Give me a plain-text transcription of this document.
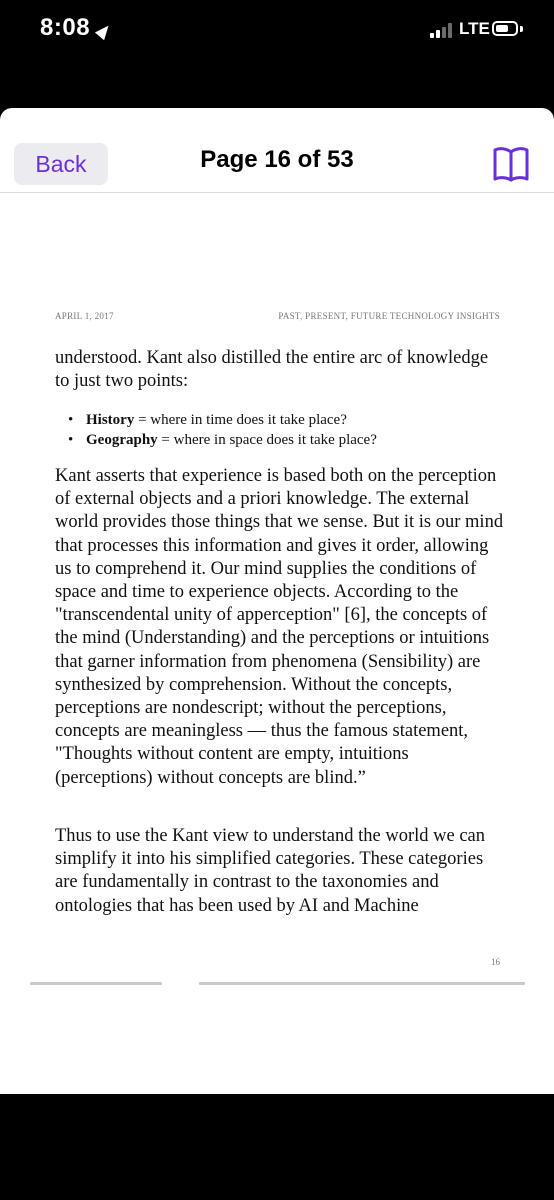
8:08	LTE
Back	Page 16 of 53
APRIL 1, 2017	PAST, PRESENT, FUTURE TECHNOLOGY INSIGHTS

understood. Kant also distilled the entire arc of knowledge to just two points:

• History = where in time does it take place?
• Geography = where in space does it take place?

Kant asserts that experience is based both on the perception of external objects and a priori knowledge. The external world provides those things that we sense. But it is our mind that processes this information and gives it order, allowing us to comprehend it. Our mind supplies the conditions of space and time to experience objects. According to the "transcendental unity of apperception" [6], the concepts of the mind (Understanding) and the perceptions or intuitions that garner information from phenomena (Sensibility) are synthesized by comprehension. Without the concepts, perceptions are nondescript; without the perceptions, concepts are meaningless — thus the famous statement, "Thoughts without content are empty, intuitions (perceptions) without concepts are blind.”

Thus to use the Kant view to understand the world we can simplify it into his simplified categories. These categories are fundamentally in contrast to the taxonomies and ontologies that has been used by AI and Machine

16
